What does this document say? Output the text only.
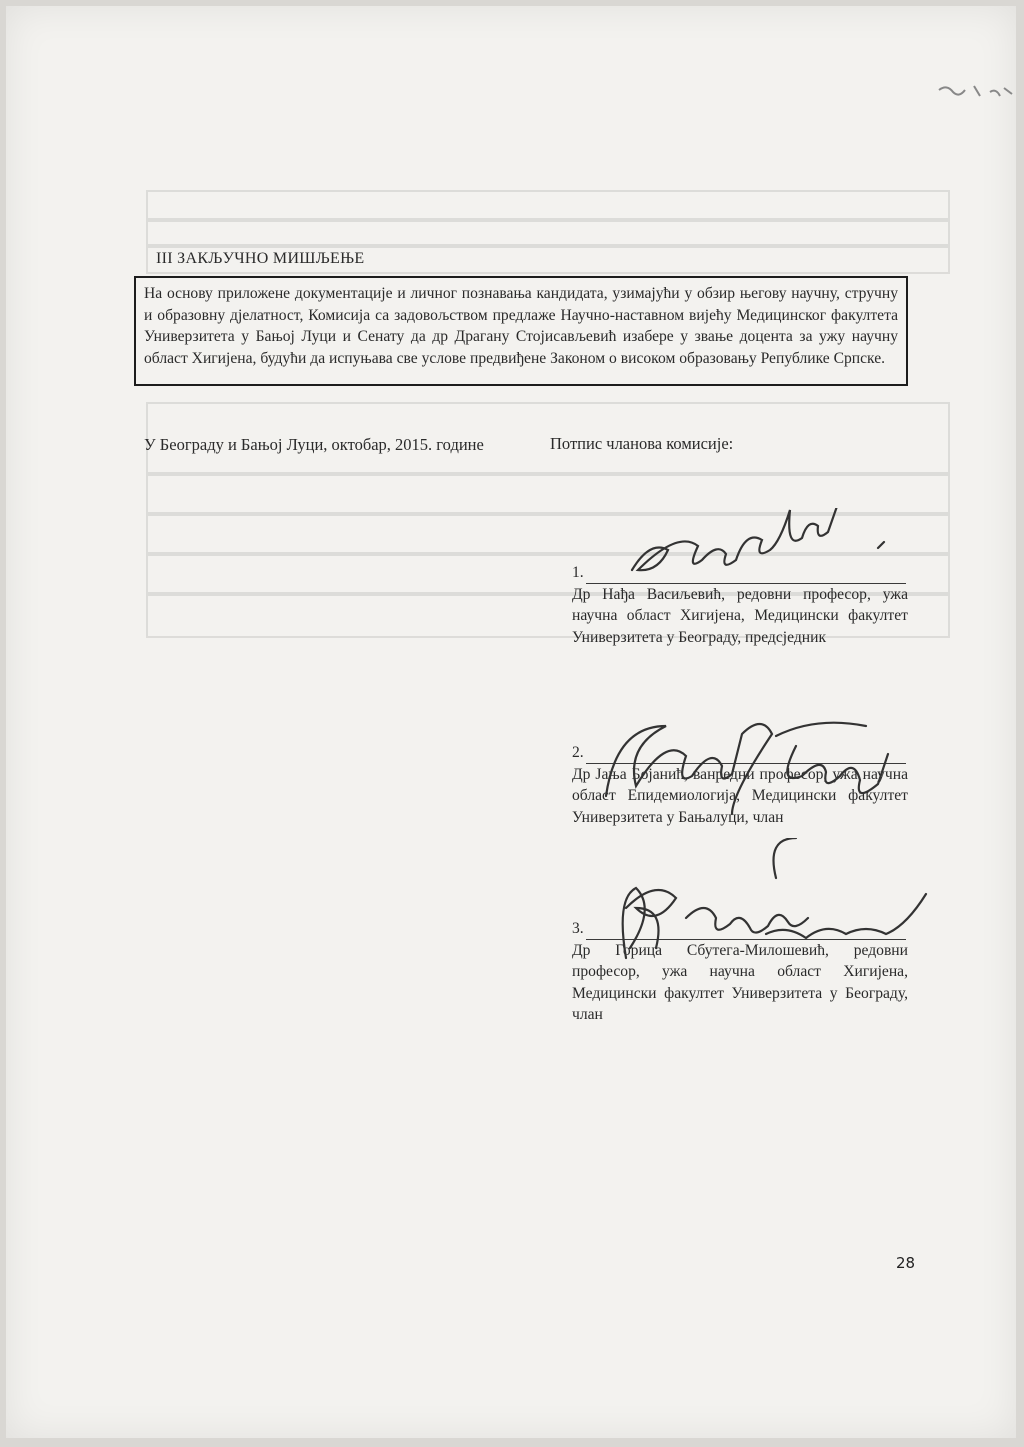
III ЗАКЉУЧНО МИШЉЕЊЕ
На основу приложене документације и личног познавања кандидата, узимајући у обзир његову научну, стручну и образовну дјелатност, Комисија са задовољством предлаже Научно-наставном вијећу Медицинског факултета Универзитета у Бањој Луци и Сенату да др Драгану Стојисављевић изабере у звање доцента за ужу научну област Хигијена, будући да испуњава све услове предвиђене Законом о високом образовању Републике Српске.
У Београду и Бањој Луци, октобар, 2015. године	Потпис чланова комисије:
1.
Др Нађа Васиљевић, редовни професор, ужа научна област Хигијена, Медицински факултет Универзитета у Београду, предсједник
2.
Др Јања Бојанић, ванредни професор, ужа научна област Епидемиологија, Медицински факултет Универзитета у Бањалуци, члан
3.
Др Горица Сбутега-Милошевић, редовни професор, ужа научна област Хигијена, Медицински факултет Универзитета у Београду, члан
28
